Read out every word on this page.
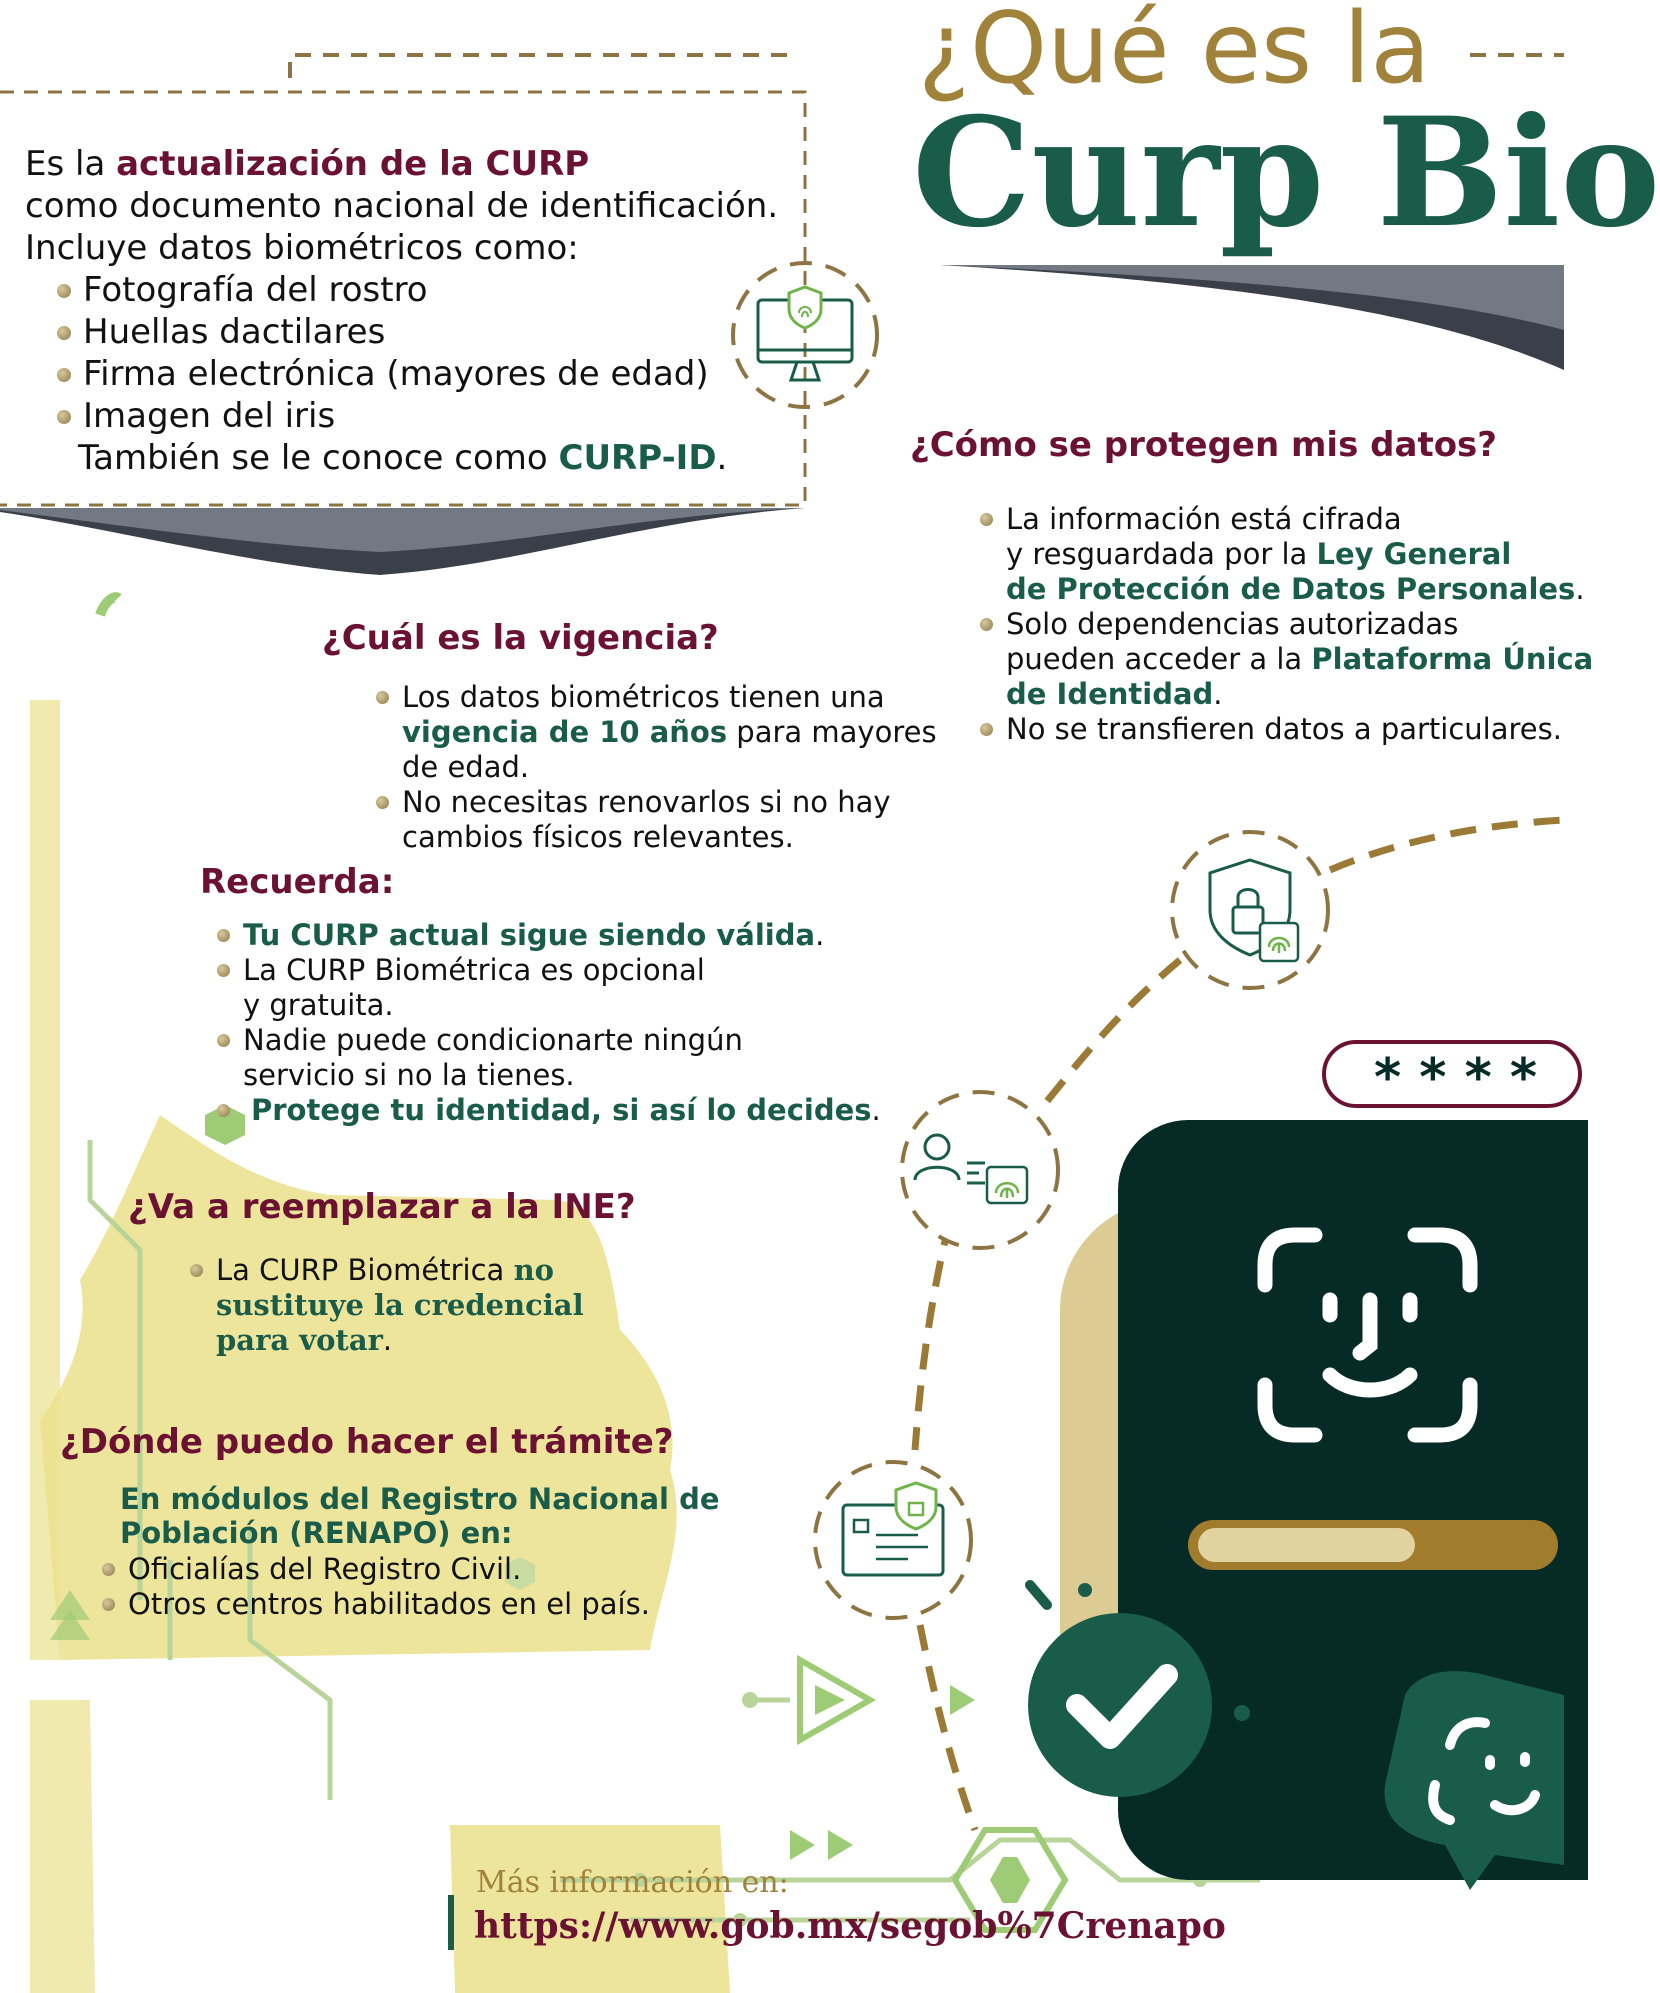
¿Qué es la
Curp Bio
Es la actualización de la CURP
como documento nacional de identificación.
Incluye datos biométricos como:
Fotografía del rostro
Huellas dactilares
Firma electrónica (mayores de edad)
Imagen del iris
También se le conoce como CURP-ID.	¿Cómo se protegen mis datos?
La información está cifrada
y resguardada por la Ley General
de Protección de Datos Personales.
Solo dependencias autorizadas
pueden acceder a la Plataforma Única
de Identidad.
No se transfieren datos a particulares.
¿Cuál es la vigencia?
Los datos biométricos tienen una
vigencia de 10 años para mayores
de edad.
No necesitas renovarlos si no hay
cambios físicos relevantes.
Recuerda:
Tu CURP actual sigue siendo válida.
La CURP Biométrica es opcional
y gratuita.
Nadie puede condicionarte ningún
servicio si no la tienes.
Protege tu identidad, si así lo decides.
¿Va a reemplazar a la INE?
La CURP Biométrica no
sustituye la credencial
para votar.
¿Dónde puedo hacer el trámite?
En módulos del Registro Nacional de
Población (RENAPO) en:
Oficialías del Registro Civil.
Otros centros habilitados en el país.
* * * *
Más información en:
https://www.gob.mx/segob%7Crenapo
